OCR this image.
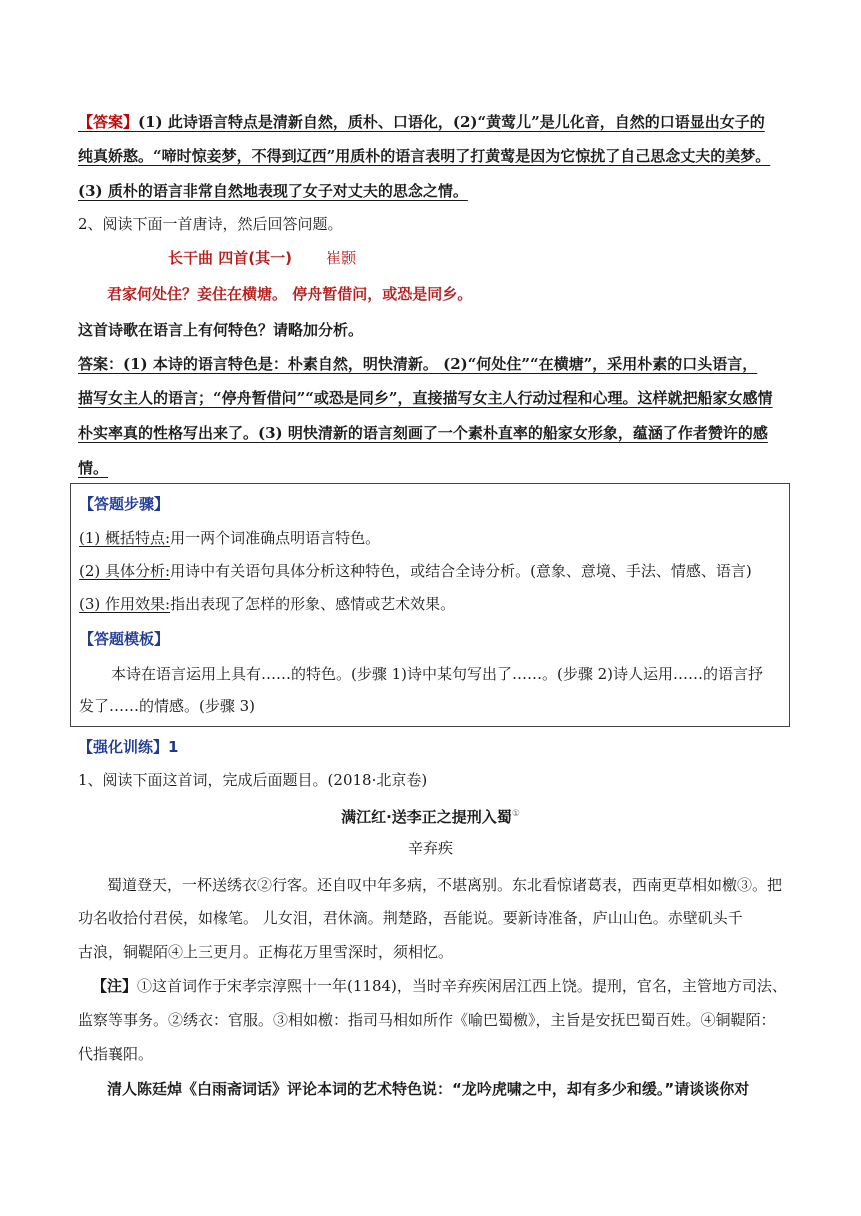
【答案】(1) 此诗语言特点是清新自然，质朴、口语化，(2)“黄莺儿”是儿化音，自然的口语显出女子的
纯真娇憨。“啼时惊妾梦，不得到辽西”用质朴的语言表明了打黄莺是因为它惊扰了自己思念丈夫的美梦。
(3) 质朴的语言非常自然地表现了女子对丈夫的思念之情。
2、阅读下面一首唐诗，然后回答问题。
长干曲 四首(其一) 崔颢
君家何处住？妾住在横塘。 停舟暂借问，或恐是同乡。
这首诗歌在语言上有何特色？请略加分析。
答案：(1) 本诗的语言特色是：朴素自然，明快清新。 (2)“何处住”“在横塘”，采用朴素的口头语言，
描写女主人的语言；“停舟暂借问”“或恐是同乡”，直接描写女主人行动过程和心理。这样就把船家女感情
朴实率真的性格写出来了。(3) 明快清新的语言刻画了一个素朴直率的船家女形象，蕴涵了作者赞许的感
情。
【答题步骤】
(1) 概括特点:用一两个词准确点明语言特色。
(2) 具体分析:用诗中有关语句具体分析这种特色，或结合全诗分析。(意象、意境、手法、情感、语言)
(3) 作用效果:指出表现了怎样的形象、感情或艺术效果。
【答题模板】
本诗在语言运用上具有……的特色。(步骤 1)诗中某句写出了……。(步骤 2)诗人运用……的语言抒
发了……的情感。(步骤 3)
【强化训练】1
1、阅读下面这首词，完成后面题目。(2018·北京卷)
满江红·送李正之提刑入蜀①
辛弃疾
蜀道登天，一杯送绣衣②行客。还自叹中年多病，不堪离别。东北看惊诸葛表，西南更草相如檄③。把
功名收拾付君侯，如椽笔。 儿女泪，君休滴。荆楚路，吾能说。要新诗准备，庐山山色。赤壁矶头千
古浪，铜鞮陌④上三更月。正梅花万里雪深时，须相忆。
【注】①这首词作于宋孝宗淳熙十一年(1184)，当时辛弃疾闲居江西上饶。提刑，官名，主管地方司法、
监察等事务。②绣衣：官服。③相如檄：指司马相如所作《喻巴蜀檄》，主旨是安抚巴蜀百姓。④铜鞮陌：
代指襄阳。
清人陈廷焯《白雨斋词话》评论本词的艺术特色说：“龙吟虎啸之中，却有多少和缓。”请谈谈你对
